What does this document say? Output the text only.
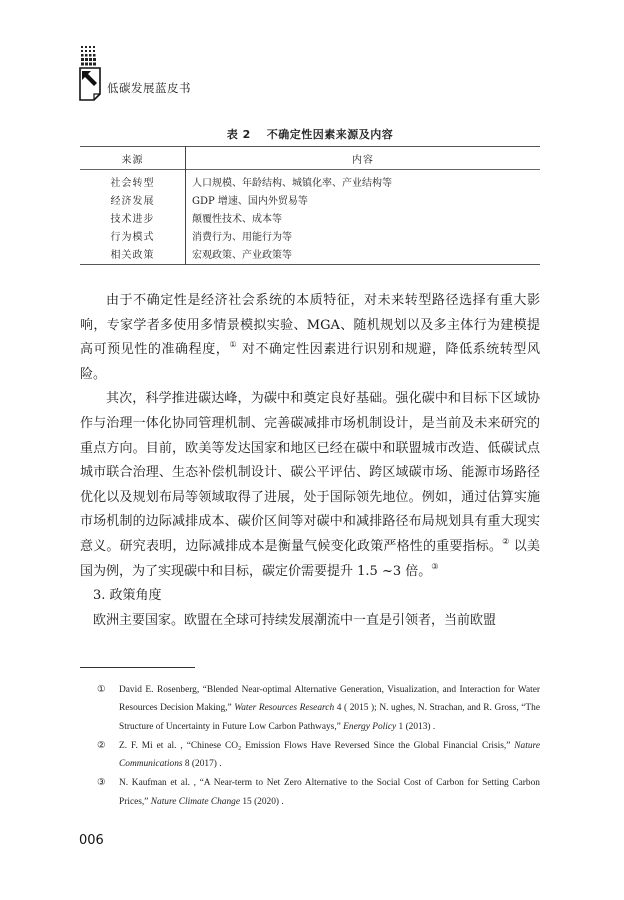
低碳发展蓝皮书
表 2 不确定性因素来源及内容
来源	内容
社会转型	人口规模、年龄结构、城镇化率、产业结构等
经济发展	GDP 增速、国内外贸易等
技术进步	颠覆性技术、成本等
行为模式	消费行为、用能行为等
相关政策	宏观政策、产业政策等

由于不确定性是经济社会系统的本质特征，对未来转型路径选择有重大影响，专家学者多使用多情景模拟实验、MGA、随机规划以及多主体行为建模提高可预见性的准确程度，① 对不确定性因素进行识别和规避，降低系统转型风险。

其次，科学推进碳达峰，为碳中和奠定良好基础。强化碳中和目标下区域协作与治理一体化协同管理机制、完善碳减排市场机制设计，是当前及未来研究的重点方向。目前，欧美等发达国家和地区已经在碳中和联盟城市改造、低碳试点城市联合治理、生态补偿机制设计、碳公平评估、跨区域碳市场、能源市场路径优化以及规划布局等领域取得了进展，处于国际领先地位。例如，通过估算实施市场机制的边际减排成本、碳价区间等对碳中和减排路径布局规划具有重大现实意义。研究表明，边际减排成本是衡量气候变化政策严格性的重要指标。② 以美国为例，为了实现碳中和目标，碳定价需要提升 1.5 ~3 倍。③

3. 政策角度

欧洲主要国家。欧盟在全球可持续发展潮流中一直是引领者，当前欧盟

① David E. Rosenberg, “Blended Near-optimal Alternative Generation, Visualization, and Interaction for Water Resources Decision Making,” Water Resources Research 4 ( 2015 ); N. ughes, N. Strachan, and R. Gross, “The Structure of Uncertainty in Future Low Carbon Pathways,” Energy Policy 1 (2013) .
② Z. F. Mi et al. , “Chinese CO₂ Emission Flows Have Reversed Since the Global Financial Crisis,” Nature Communications 8 (2017) .
③ N. Kaufman et al. , “A Near-term to Net Zero Alternative to the Social Cost of Carbon for Setting Carbon Prices,” Nature Climate Change 15 (2020) .
006
